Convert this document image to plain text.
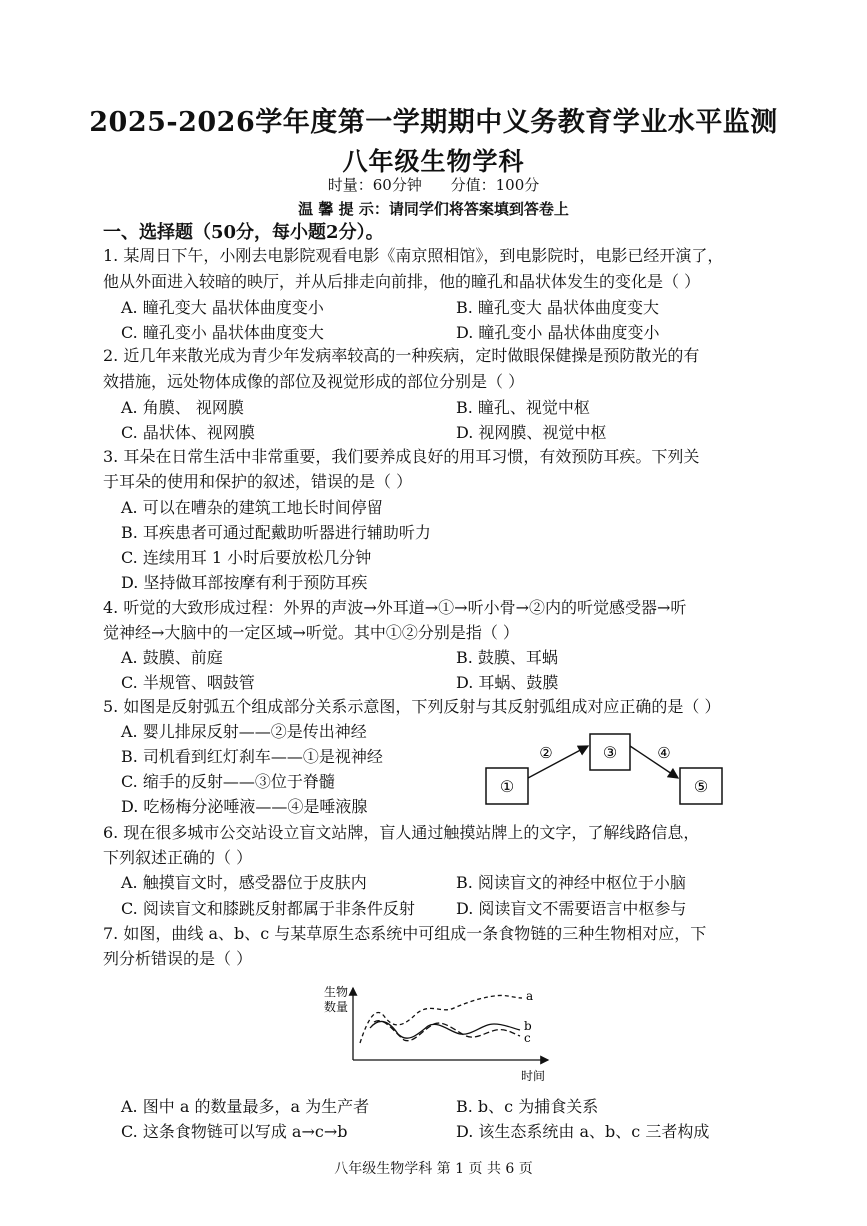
2025-2026学年度第一学期期中义务教育学业水平监测
八年级生物学科
时量：60分钟 分值：100分
温 馨 提 示：请同学们将答案填到答卷上
一、选择题（50分，每小题2分）。
1. 某周日下午，小刚去电影院观看电影《南京照相馆》，到电影院时，电影已经开演了，
他从外面进入较暗的映厅，并从后排走向前排，他的瞳孔和晶状体发生的变化是（ ）
A. 瞳孔变大 晶状体曲度变小	B. 瞳孔变大 晶状体曲度变大
C. 瞳孔变小 晶状体曲度变大	D. 瞳孔变小 晶状体曲度变小
2. 近几年来散光成为青少年发病率较高的一种疾病，定时做眼保健操是预防散光的有
效措施，远处物体成像的部位及视觉形成的部位分别是（ ）
A. 角膜、 视网膜	B. 瞳孔、视觉中枢
C. 晶状体、视网膜	D. 视网膜、视觉中枢
3. 耳朵在日常生活中非常重要，我们要养成良好的用耳习惯，有效预防耳疾。下列关
于耳朵的使用和保护的叙述，错误的是（ ）
A. 可以在嘈杂的建筑工地长时间停留
B. 耳疾患者可通过配戴助听器进行辅助听力
C. 连续用耳 1 小时后要放松几分钟
D. 坚持做耳部按摩有利于预防耳疾
4. 听觉的大致形成过程：外界的声波→外耳道→①→听小骨→②内的听觉感受器→听
觉神经→大脑中的一定区域→听觉。其中①②分别是指（ ）
A. 鼓膜、前庭	B. 鼓膜、耳蜗
C. 半规管、咽鼓管	D. 耳蜗、鼓膜
5. 如图是反射弧五个组成部分关系示意图，下列反射与其反射弧组成对应正确的是（ ）
A. 婴儿排尿反射——②是传出神经
B. 司机看到红灯刹车——①是视神经
C. 缩手的反射——③位于脊髓
D. 吃杨梅分泌唾液——④是唾液腺
①
③
⑤
②	④
6. 现在很多城市公交站设立盲文站牌，盲人通过触摸站牌上的文字，了解线路信息，
下列叙述正确的（ ）
A. 触摸盲文时，感受器位于皮肤内	B. 阅读盲文的神经中枢位于小脑
C. 阅读盲文和膝跳反射都属于非条件反射	D. 阅读盲文不需要语言中枢参与
7. 如图，曲线 a、b、c 与某草原生态系统中可组成一条食物链的三种生物相对应，下
列分析错误的是（ ）
生物
数量
时间
a
b
c
A. 图中 a 的数量最多，a 为生产者	B. b、c 为捕食关系
C. 这条食物链可以写成 a→c→b	D. 该生态系统由 a、b、c 三者构成
八年级生物学科 第 1 页 共 6 页
